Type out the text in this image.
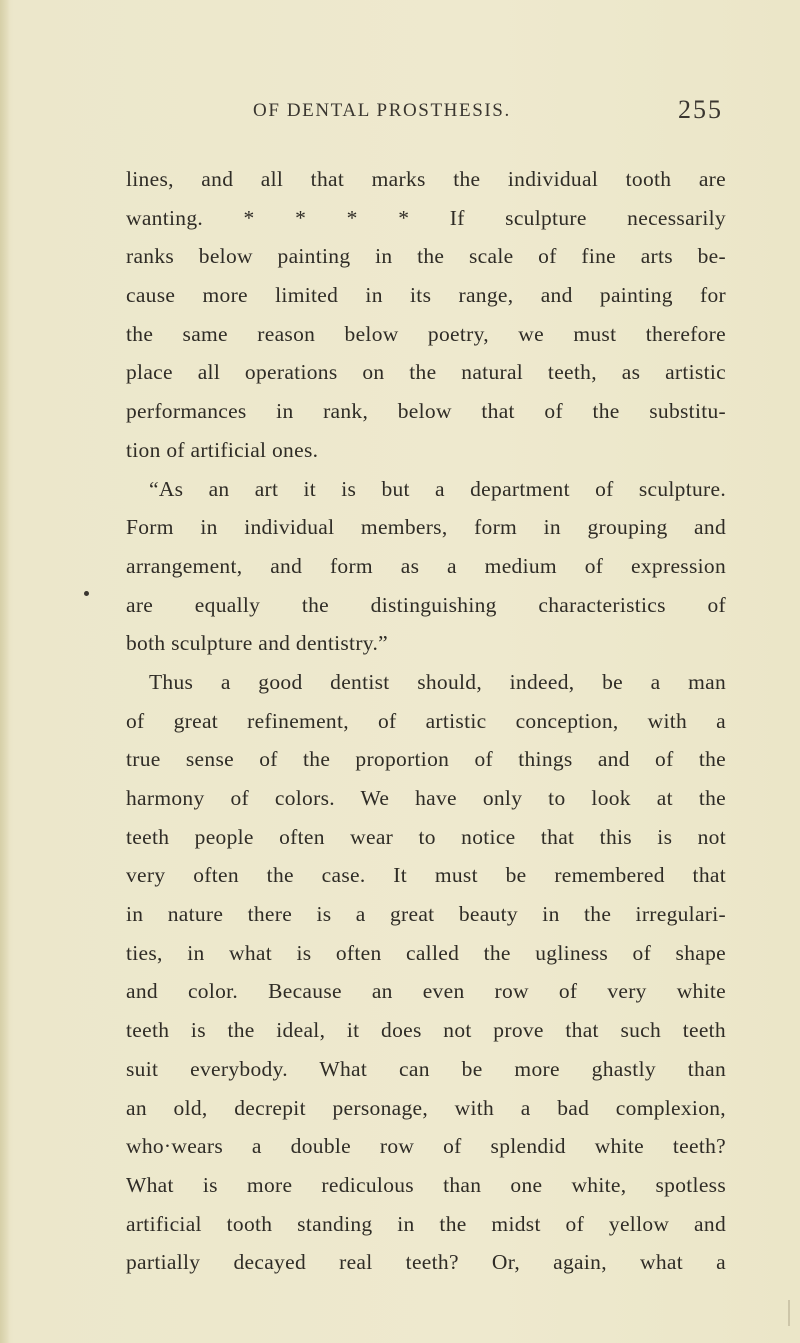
OF DENTAL PROSTHESIS.	255
lines, and all that marks the individual tooth are
wanting. * * * * If sculpture necessarily
ranks below painting in the scale of fine arts be-
cause more limited in its range, and painting for
the same reason below poetry, we must therefore
place all operations on the natural teeth, as artistic
performances in rank, below that of the substitu-
tion of artificial ones.
“As an art it is but a department of sculpture.
Form in individual members, form in grouping and
arrangement, and form as a medium of expression
are equally the distinguishing characteristics of
both sculpture and dentistry.”
Thus a good dentist should, indeed, be a man
of great refinement, of artistic conception, with a
true sense of the proportion of things and of the
harmony of colors. We have only to look at the
teeth people often wear to notice that this is not
very often the case. It must be remembered that
in nature there is a great beauty in the irregulari-
ties, in what is often called the ugliness of shape
and color. Because an even row of very white
teeth is the ideal, it does not prove that such teeth
suit everybody. What can be more ghastly than
an old, decrepit personage, with a bad complexion,
who·wears a double row of splendid white teeth?
What is more rediculous than one white, spotless
artificial tooth standing in the midst of yellow and
partially decayed real teeth? Or, again, what a
